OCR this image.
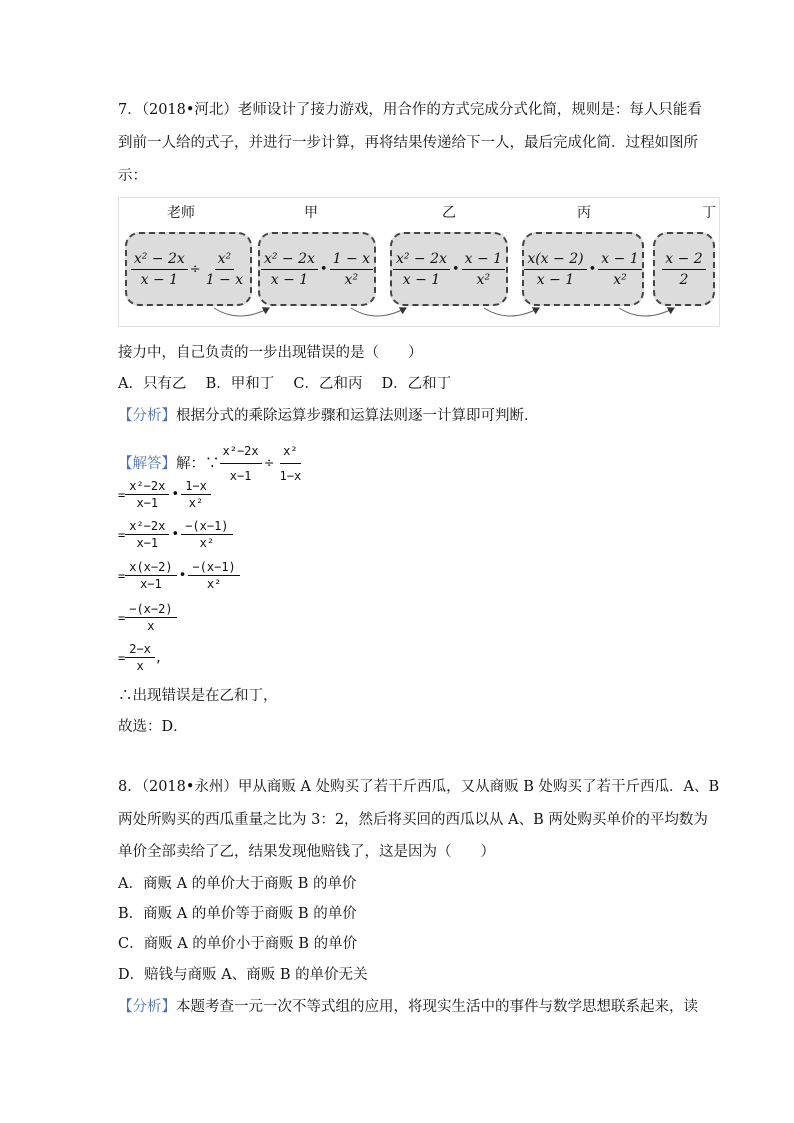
7．（2018•河北）老师设计了接力游戏，用合作的方式完成分式化简，规则是：每人只能看
到前一人给的式子，并进行一步计算，再将结果传递给下一人，最后完成化简．过程如图所
示：
老师	甲	乙	丙	丁
$\frac{\text{x² − 2x}}{x - 1} \div \frac{\text{x²}}{1 - x} \frac{\text{x² − 2x}}{x - 1}$ • $\frac{1 - x}{\text{x²}} \frac{\text{x² − 2x}}{x - 1}$ • $\frac{x - 1}{\text{x²}} \frac{x(x - 2)}{x - 1}$ • $\frac{x - 1}{\text{x²}} \frac{x - 2}{2}$
接力中，自己负责的一步出现错误的是（　　）
A．只有乙　 B．甲和丁　 C．乙和丙　 D．乙和丁
【分析】根据分式的乘除运算步骤和运算法则逐一计算即可判断．
【解答】 解：∵ $\frac{\text{x²−2x}}{x-1} \div \frac{\text{x²}}{1-x}$
= $\frac{\text{x²−2x}}{x-1}$ • $\frac{1-x}{\text{x²}}$
= $\frac{\text{x²−2x}}{x-1}$ • $\frac{-(x-1)}{\text{x²}}$
= $\frac{x(x-2)}{x-1}$ • $\frac{-(x-1)}{\text{x²}}$
= $\frac{-(x-2)}{x}$
= $\frac{2-x}{x}$ ,
∴出现错误是在乙和丁，
故选：D．
8．（2018•永州）甲从商贩 A 处购买了若干斤西瓜，又从商贩 B 处购买了若干斤西瓜．A、B
两处所购买的西瓜重量之比为 3：2，然后将买回的西瓜以从 A、B 两处购买单价的平均数为
单价全部卖给了乙，结果发现他赔钱了，这是因为（　　）
A．商贩 A 的单价大于商贩 B 的单价
B．商贩 A 的单价等于商贩 B 的单价
C．商贩 A 的单价小于商贩 B 的单价
D．赔钱与商贩 A、商贩 B 的单价无关
【分析】本题考查一元一次不等式组的应用，将现实生活中的事件与数学思想联系起来，读
